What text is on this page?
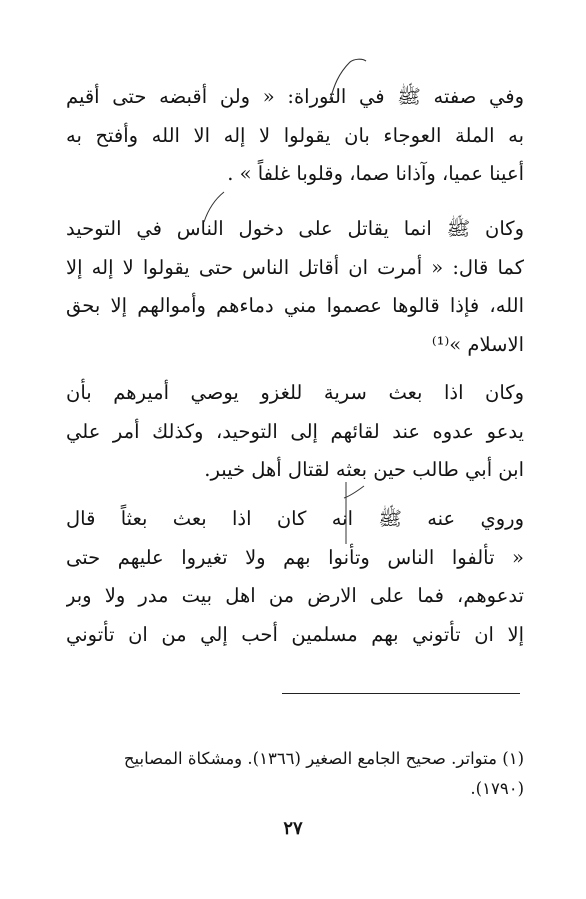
وفي صفته ﷺ في التوراة: « ولن أقبضه حتى أقيم
به الملة العوجاء بان يقولوا لا إله الا الله وأفتح به
أعينا عميا، وآذانا صما، وقلوبا غلفاً » .
وكان ﷺ انما يقاتل على دخول الناس في التوحيد
كما قال: « أمرت ان أقاتل الناس حتى يقولوا لا إله إلا
الله، فإذا قالوها عصموا مني دماءهم وأموالهم إلا بحق
الاسلام »⁽¹⁾
وكان اذا بعث سرية للغزو يوصي أميرهم بأن
يدعو عدوه عند لقائهم إلى التوحيد، وكذلك أمر علي
ابن أبي طالب حين بعثه لقتال أهل خيبر.
وروي عنه ﷺ انه كان اذا بعث بعثاً قال
« تألفوا الناس وتأنوا بهم ولا تغيروا عليهم حتى
تدعوهم، فما على الارض من اهل بيت مدر ولا وبر
إلا ان تأتوني بهم مسلمين أحب إلي من ان تأتوني
(١) متواتر. صحيح الجامع الصغير (١٣٦٦). ومشكاة المصابيح
(١٧٩٠).
٢٧
